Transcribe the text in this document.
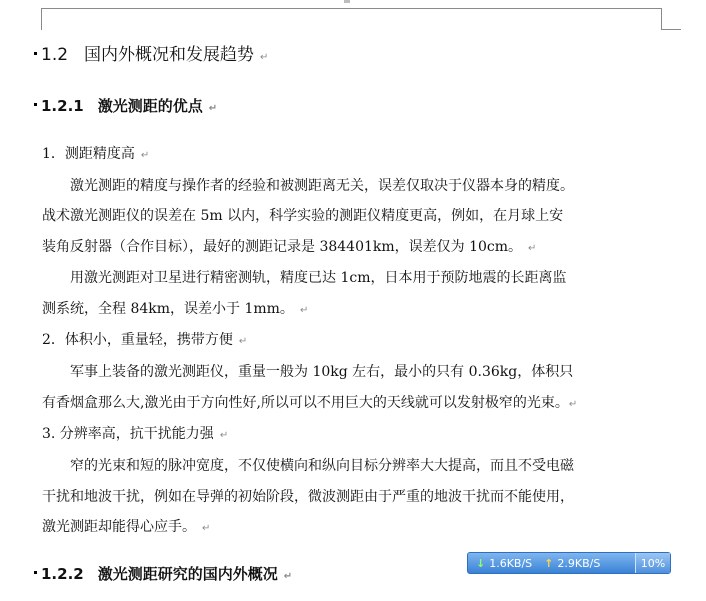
1.2 国内外概况和发展趋势 ↵
1.2.1 激光测距的优点 ↵
1．测距精度高 ↵
激光测距的精度与操作者的经验和被测距离无关，误差仅取决于仪器本身的精度。
战术激光测距仪的误差在 5m 以内，科学实验的测距仪精度更高，例如，在月球上安
装角反射器（合作目标），最好的测距记录是 384401km，误差仅为 10cm。 ↵
用激光测距对卫星进行精密测轨，精度已达 1cm，日本用于预防地震的长距离监
测系统，全程 84km，误差小于 1mm。 ↵
2．体积小，重量轻，携带方便 ↵
军事上装备的激光测距仪，重量一般为 10kg 左右，最小的只有 0.36kg，体积只
有香烟盒那么大,激光由于方向性好,所以可以不用巨大的天线就可以发射极窄的光束。↵
3. 分辨率高，抗干扰能力强 ↵
窄的光束和短的脉冲宽度，不仅使横向和纵向目标分辨率大大提高，而且不受电磁
干扰和地波干扰，例如在导弹的初始阶段，微波测距由于严重的地波干扰而不能使用，
激光测距却能得心应手。 ↵
1.2.2 激光测距研究的国内外概况 ↵
↓ 1.6KB/S ↑ 2.9KB/S	10%
